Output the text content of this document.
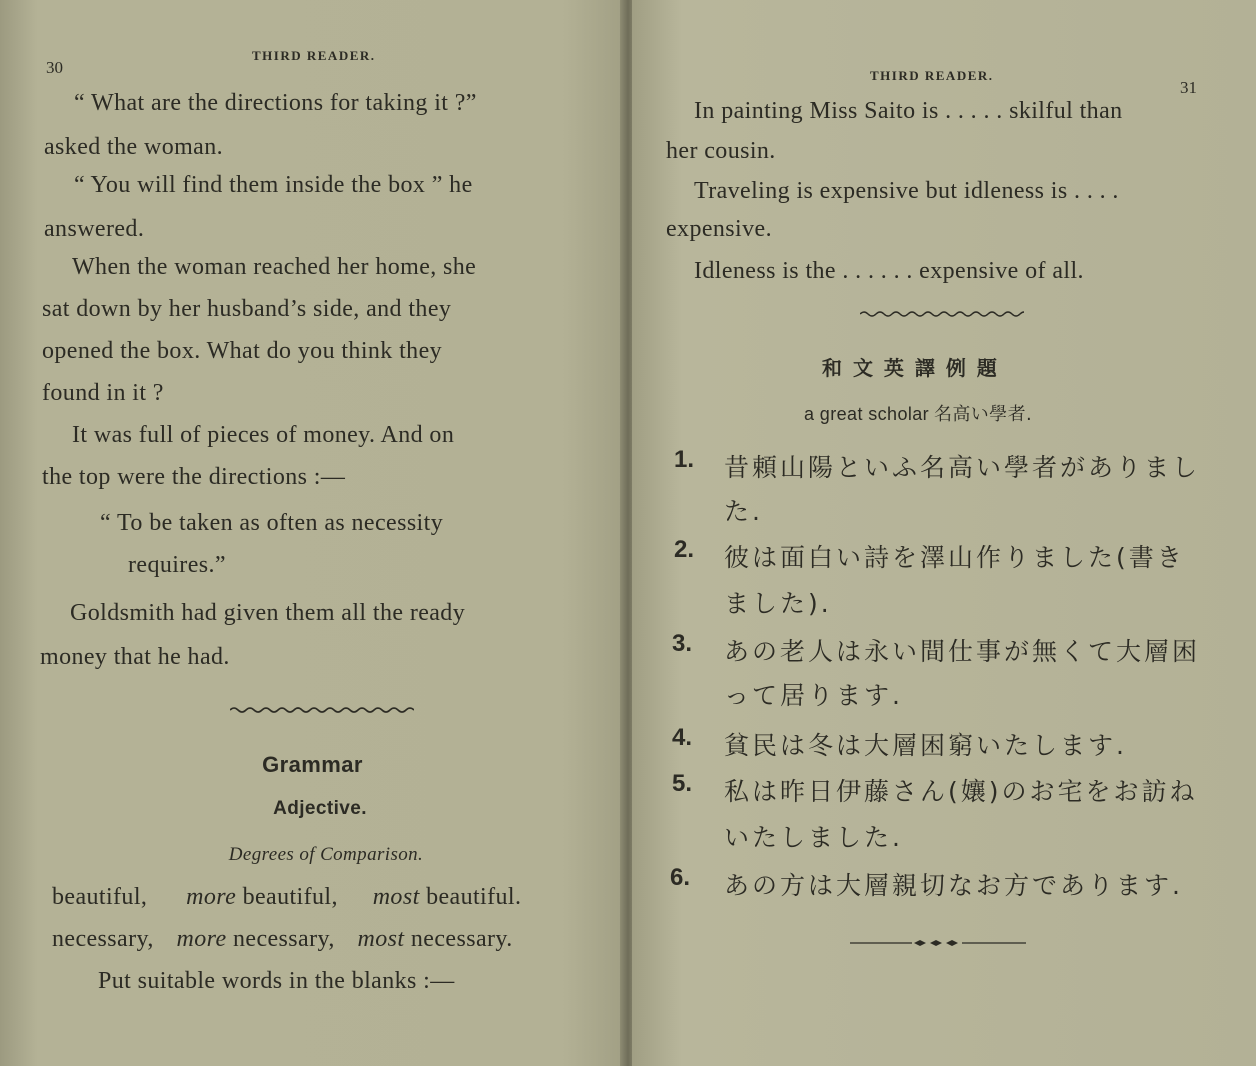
30
THIRD READER.
“ What are the directions for taking it ?”
asked the woman.
“ You will find them inside the box ” he
answered.
When the woman reached her home, she
sat down by her husband’s side, and they
opened the box. What do you think they
found in it ?
It was full of pieces of money. And on
the top were the directions :—
“ To be taken as often as necessity
requires.”
Goldsmith had given them all the ready
money that he had.
Grammar
Adjective.
Degrees of Comparison.
beautiful, more beautiful, most beautiful.
necessary, more necessary, most necessary.
Put suitable words in the blanks :—
THIRD READER.
31
In painting Miss Saito is . . . . . skilful than
her cousin.
Traveling is expensive but idleness is . . . .
expensive.
Idleness is the . . . . . . expensive of all.
和 文 英 譯 例 題
a great scholar 名高い學者.
1. 昔頼山陽といふ名高い學者がありまし
た.
2. 彼は面白い詩を澤山作りました(書き
ました).
3. あの老人は永い間仕事が無くて大層困
って居ります.
4. 貧民は冬は大層困窮いたします.
5. 私は昨日伊藤さん(孃)のお宅をお訪ね
いたしました.
6. あの方は大層親切なお方であります.
